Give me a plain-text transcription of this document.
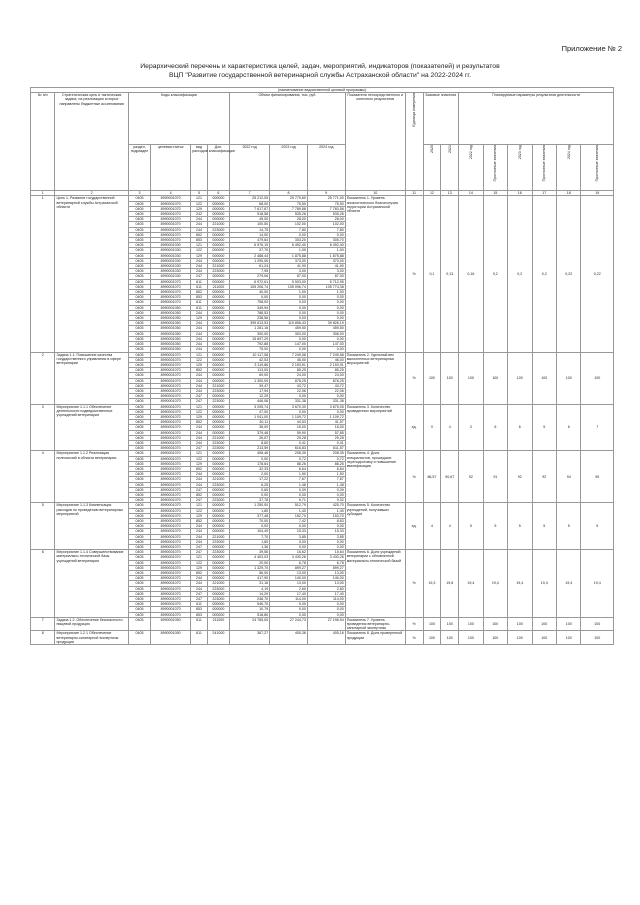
Приложение № 2
Иерархический перечень и характеристика целей, задач, мероприятий, индикаторов (показателей) и результатов
ВЦП "Развитие государственной ветеринарной службы Астраханской области" на 2022-2024 гг.
(наименование ведомственной целевой программы)																		
№ п/п	Стратегическая цель и тактическая задача, на реализацию которых направлены бюджетные ассигнования	Коды классификации				Объем финансирования, тыс. руб.			Показатели непосредственного и конечного результатов	Единица измерения	Базовые значения		Планируемые параметры результатов деятельности					
		раздел, подраздел	целевая статья	вид расходов	Доп. классификация	2022 год	2023 год	2024 год			2020	2021	2022 год	Прогнозные значения	2023 год	Прогнозные значения	2024 год	Прогнозные значения
1	2	3	4	5	6	7	8	9	10	11	12	13	14	15	16	17	18	19
1	Цель 1. Развитие государственной ветеринарной службы Астраханской области	0405	8990001070	121	000000	25 212,05	25 779,60	25 771,00	Показатель 1. Уровень эпизоотического благополучия территории Астраханской области	%	0,1	0,13	0,16	0,2	0,2	0,2	0,22	0,22
		0405	8990001070	122	000000	68,00	75,50	75,50										
		0405	8990001070	129	000000	7 617,87	7 789,88	7 783,58										
		0405	8990001070	242	000000	518,58	535,26	535,26										
		0405	8990001070	244	000000	45,00	28,00	28,00										
		0405	8990001070	244	221000	100,50	102,00	102,00										
		0405	8990001070	244	223000	14,75	7,80	7,80										
		0405	8990001070	852	000000	14,00	0,00	0,00										
		0405	8990001070	853	000000	479,64	303,20	305,70										
		0405	8990001030	121	000000	6 976,10	6 492,40	6 492,40										
		0405	8990001030	122	000000	37,70	1,00	1,00										
		0405	8990001030	129	000000	2 488,44	1 875,88	1 875,88										
		0405	8990001030	244	000000	1 290,06	373,00	373,00										
		0405	8990001030	244	221000	61,24	41,90	41,90										
		0405	8990001030	244	223000	7,95	3,00	3,00										
		0405	8990001030	247	000000	279,06	87,00	87,00										
		0405	8990001070	611	000000	6 972,61	5 503,00	5 712,95										
		0405	8990001070	611	211000	105 206,74	105 096,74	105 774,38										
		0405	8990001070	852	000000	40,00	1,00	1,00										
		0405	8990001070	853	000000	0,00	0,00	0,00										
		0405	8990001070	611	000000	758,00	0,00	0,00										
		0405	8990001050	611	000000	349,94	0,00	0,00										
		0405	8990001050	244	000000	788,53	0,00	0,00										
		0405	8990001050	129	000000	238,56	0,00	0,00										
		0405	8990001050	244	000000	399 613,53	119 856,43	39 826,19										
		0405	8990001050	244	000000	1 281,16	459,50	459,50										
		0405	8990001050	244	000000	300,00	303,00	306,00										
		0405	8990001050	244	000000	15 697,29	0,00	0,00										
		0405	8990001050	244	000000	792,88	147,00	147,00										
		0405	8990001050	244	000000	75,00	0,00	0,00										
2	Задача 1.1. Повышение качества государственного управления в сфере ветеринарии	0405	8990001070	121	000000	10 117,08	7 249,58	7 249,58	Показатель 2. Удельный вес выполненных ветеринарных мероприятий	%	100	100	100	100	100	100	100	100
		0405	8990001070	122	000000	42,53	46,00	46,00										
		0405	8990001070	129	000000	3 119,86	2 153,91	2 153,91										
		0405	8990001070	852	000000	113,00	85,25	85,25										
		0405	8990001070	244	000000	69,00	24,00	24,00										
		0405	8990001070	244	000000	1 300,00	878,25	878,25										
		0405	8990001070	244	221000	39,47	43,72	43,72										
		0405	8990001070	244	223000	17,94	22,06	22,06										
		0405	8990001070	247	000000	12,29	0,00	0,00										
		0405	8990001070	247	223000	446,08	331,38	331,38										
3	Мероприятие 1.1.1 Обеспечение деятельности подведомственных учреждений ветеринарии	0405	8990001070	121	000000	3 205,74	3 670,30	3 675,05	Показатель 3. Количество проведенных мероприятий	ед.	0	4	3	6	6	5	6	7
		0405	8990001070	122	000000	47,00	0,00	0,00										
		0405	8990001070	129	000000	1 041,00	1 109,72	1 109,72										
		0405	8990001070	852	000000	30,11	44,53	41,57										
		0405	8990001070	244	000000	38,00	16,00	16,00										
		0405	8990001070	244	000000	379,48	59,90	57,85										
		0405	8990001070	244	221000	26,07	29,28	29,28										
		0405	8990001070	244	223000	8,60	0,41	0,41										
		0405	8990001070	247	223000	213,59	616,83	611,57										
4	Мероприятие 1.1.2 Реализация полномочий в области ветеринарии	0405	8990001070	121	000000	408,46	208,35	208,35	Показатель 4. Доля специалистов, прошедших переподготовку и повышение квалификации	%	86,57	90,67	92	91	92	92	94	95
		0405	8990001070	122	000000	0,00	0,72	0,72										
		0405	8990001070	129	000000	178,64	88,26	88,26										
		0405	8990001070	852	000000	32,33	6,64	6,64										
		0405	8990001070	244	000000	2,00	1,50	1,50										
		0405	8990001070	244	221000	17,22	7,67	7,67										
		0405	8990001070	244	223000	6,25	1,48	1,48										
		0405	8990001070	247	000000	0,60	0,39	0,39										
		0405	8990001070	852	000000	0,00	0,00	0,00										
		0405	8990001070	247	223000	37,78	9,71	9,32										
5	Мероприятие 1.1.3 Компенсация расходов по проведению ветеринарных мероприятий	0405	8990001070	121	000000	1 250,00	512,79	425,70	Показатель 5. Количество учреждений, получивших субсидии	ед.	4	4	5	5	5	5	5	5
		0405	8990001070	122	000000	1,80	1,40	1,40										
		0405	8990001070	129	000000	377,48	152,70	153,70										
		0405	8990001070	852	000000	70,00	7,42	8,63										
		0405	8990001070	244	000000	0,00	0,00	0,00										
		0405	8990001070	244	000000	104,49	15,33	15,33										
		0405	8990001070	244	221000	7,70	3,85	3,85										
		0405	8990001070	244	223000	1,60	0,00	0,00										
		0405	8990001070	247	000000	1,36	0,00	0,00										
6	Мероприятие 1.1.4 Совершенствование материально-технической базы учреждений ветеринарии	0405	8990001070	247	223000	39,56	16,62	15,64	Показатель 6. Доля учреждений ветеринарии с обновленной материально-технической базой	%	19,3	19,8	19,4	19,4	19,4	19,4	19,4	19,4
		0405	8990001070	121	000000	4 403,03	3 430,26	3 430,26										
		0405	8990001070	122	000000	20,00	6,78	6,78										
		0405	8990001070	129	000000	1 329,70	899,27	899,27										
		0405	8990001070	852	000000	56,00	13,00	13,00										
		0405	8990001070	244	000000	417,90	140,00	140,00										
		0405	8990001070	244	221000	31,16	13,00	13,00										
		0405	8990001070	244	223000	4,19	2,60	2,60										
		0405	8990001070	247	000000	14,29	17,40	17,40										
		0405	8990001070	247	223000	248,70	114,00	114,00										
		0405	8990001070	611	000000	546,70	0,00	0,00										
		0405	8990001070	853	000000	10,79	0,00	0,00										
		0405	8990001070	853	000000	518,80	0,00	0,00										
7	Задача 1.2. Обеспечение безопасности пищевой продукции	0405	8990001050	611	211000	24 765,00	27 244,73	27 196,94	Показатель 7. Уровень проведения ветеринарно-санитарной экспертизы	%	100	100	100	100	100	100	100	100
8	Мероприятие 1.2.1 Обеспечение ветеринарно-санитарной экспертизы продукции	0405	8990001050	611	241000	367,27	405,36	405,16	Показатель 8. Доля проверенной продукции	%	100	100	100	100	100	100	100	100
